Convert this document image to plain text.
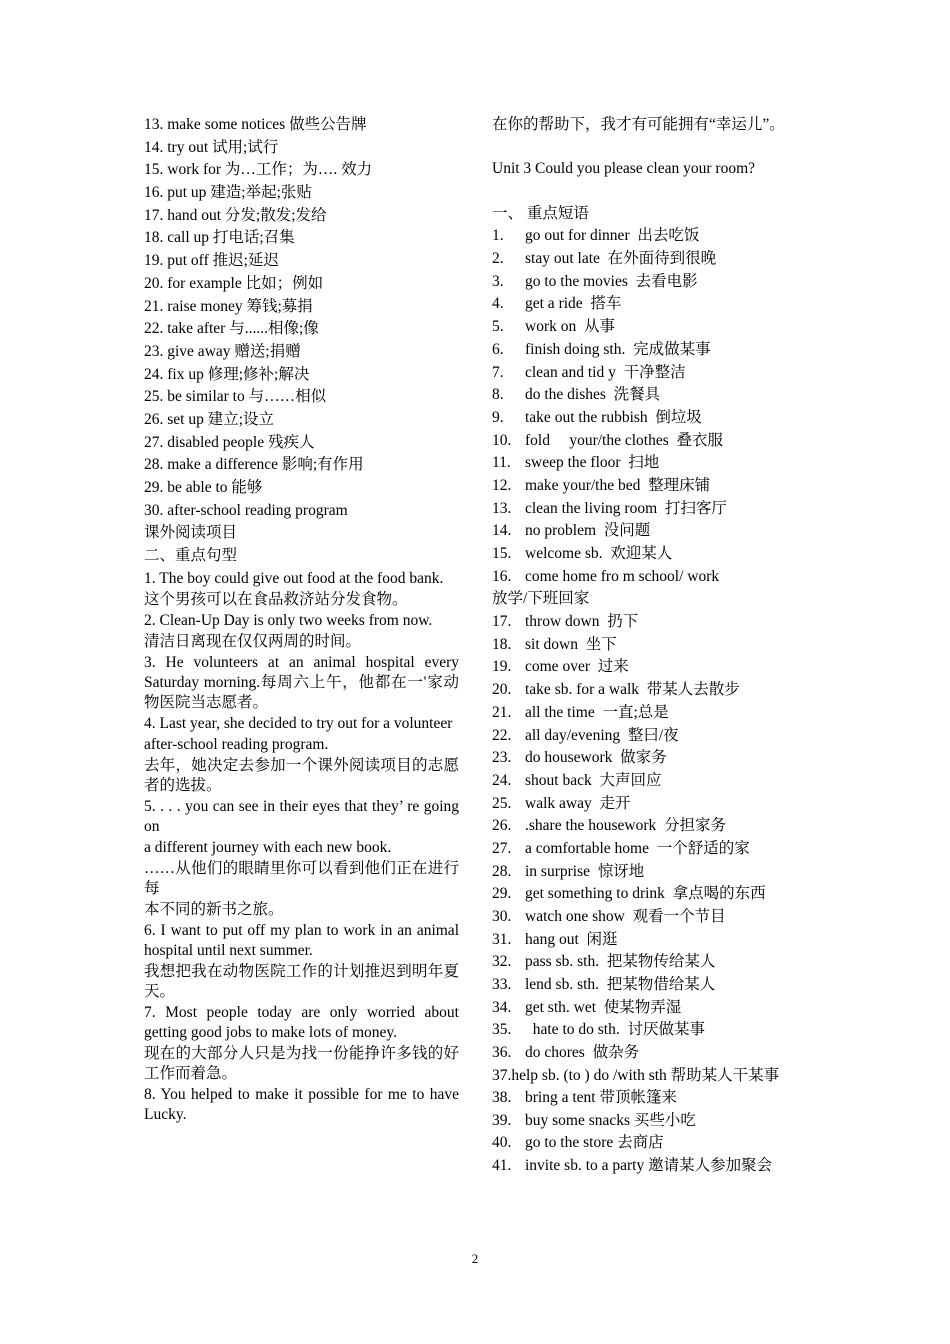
13. make some notices 做些公告牌
14. try out 试用;试行
15. work for 为…工作；为…. 效力
16. put up 建造;举起;张贴
17. hand out 分发;散发;发给
18. call up 打电话;召集
19. put off 推迟;延迟
20. for example 比如；例如
21. raise money 筹钱;募捐
22. take after 与......相像;像
23. give away 赠送;捐赠
24. fix up 修理;修补;解决
25. be similar to 与……相似
26. set up 建立;设立
27. disabled people 残疾人
28. make a difference 影响;有作用
29. be able to 能够
30. after-school reading program
课外阅读项目
二、重点句型
1. The boy could give out food at the food bank.
这个男孩可以在食品救济站分发食物。
2. Clean-Up Day is only two weeks from now.
清洁日离现在仅仅两周的时间。
3. He volunteers at an animal hospital every Saturday morning.每周六上午，他都在一'家动物医院当志愿者。
4. Last year, she decided to try out for a volunteer
after-school reading program.
去年，她决定去参加一个课外阅读项目的志愿者的选拔。
5. . . . you can see in their eyes that they’ re going on
a different journey with each new book.
……从他们的眼睛里你可以看到他们正在进行每
本不同的新书之旅。
6. I want to put off my plan to work in an animal hospital until next summer.
我想把我在动物医院工作的计划推迟到明年夏天。
7. Most people today are only worried about getting good jobs to make lots of money.
现在的大部分人只是为找一份能挣许多钱的好工作而着急。
8. You helped to make it possible for me to have Lucky.
在你的帮助下，我才有可能拥有“幸运儿”。
Unit 3 Could you please clean your room?
一、 重点短语
1. go out for dinner  出去吃饭
2. stay out late  在外面待到很晚
3. go to the movies  去看电影
4. get a ride  搭车
5. work on  从事
6. finish doing sth.  完成做某事
7. clean and tid y  干净整洁
8. do the dishes  洗餐具
9. take out the rubbish  倒垃圾
10. fold     your/the clothes  叠衣服
11. sweep the floor  扫地
12. make your/the bed  整理床铺
13. clean the living room  打扫客厅
14. no problem  没问题
15. welcome sb.  欢迎某人
16. come home fro m school/ work
放学/下班回家
17. throw down  扔下
18. sit down  坐下
19. come over  过来
20. take sb. for a walk  带某人去散步
21. all the time  一直;总是
22. all day/evening  整曰/夜
23. do housework  做家务
24. shout back  大声回应
25. walk away  走开
26. .share the housework  分担家务
27. a comfortable home  一个舒适的家
28. in surprise  惊讶地
29. get something to drink  拿点喝的东西
30. watch one show  观看一个节目
31. hang out  闲逛
32. pass sb. sth.  把某物传给某人
33. lend sb. sth.  把某物借给某人
34. get sth. wet  使某物弄湿
35.  hate to do sth.  讨厌做某事
36. do chores  做杂务
37.help sb. (to ) do /with sth 帮助某人干某事
38. bring a tent 带顶帐篷来
39. buy some snacks 买些小吃
40. go to the store 去商店
41. invite sb. to a party 邀请某人参加聚会
2
